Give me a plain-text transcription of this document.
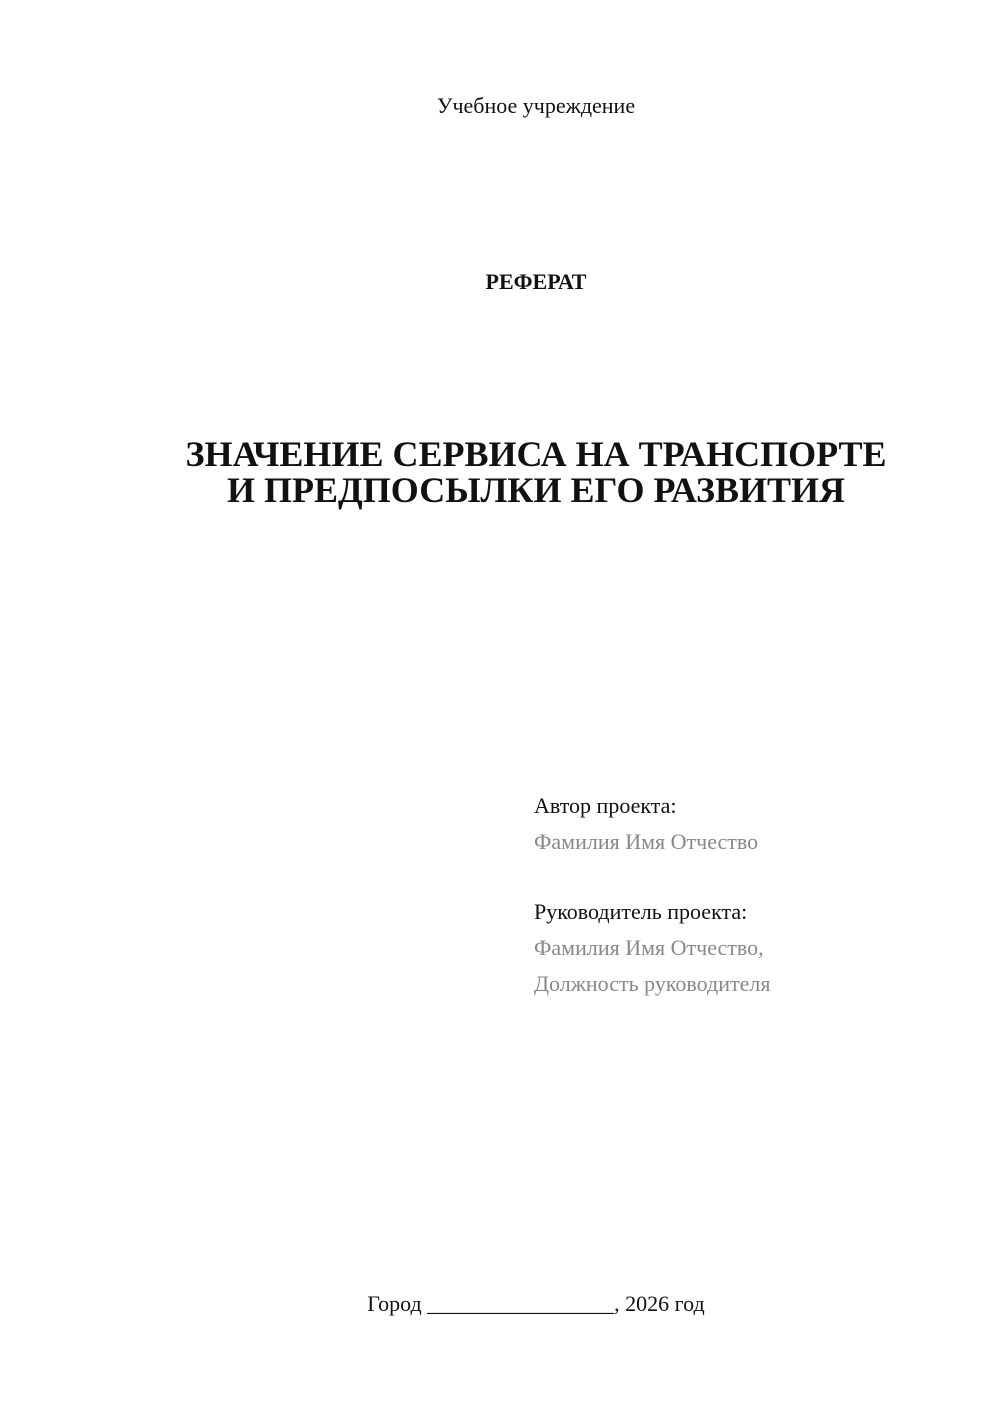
Учебное учреждение
РЕФЕРАТ
ЗНАЧЕНИЕ СЕРВИСА НА ТРАНСПОРТЕ
И ПРЕДПОСЫЛКИ ЕГО РАЗВИТИЯ
Автор проекта:
Фамилия Имя Отчество
Руководитель проекта:
Фамилия Имя Отчество,
Должность руководителя
Город _________________, 2026 год
